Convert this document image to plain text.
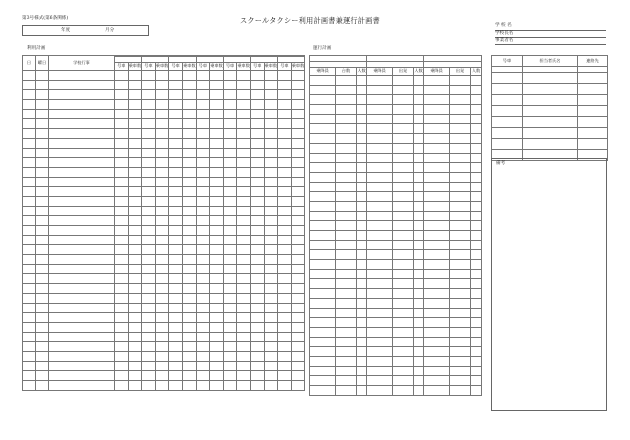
第3号様式(第6条関係)	スクールタクシー利用計画書兼運行計画書
年度	月分
学 校 名
学校長名
事業者名
利用計画	運行計画
日	曜日	学校行事														

			号車	乗車数	号車	乗車数	号車	乗車数	号車	乗車数	号車	乗車数	号車	乗車数	号車	乗車数

乗降員	台数	人数	乗降員	出発	人数	乗降員	出発	人数

号車	担当者氏名	連絡先

備考
